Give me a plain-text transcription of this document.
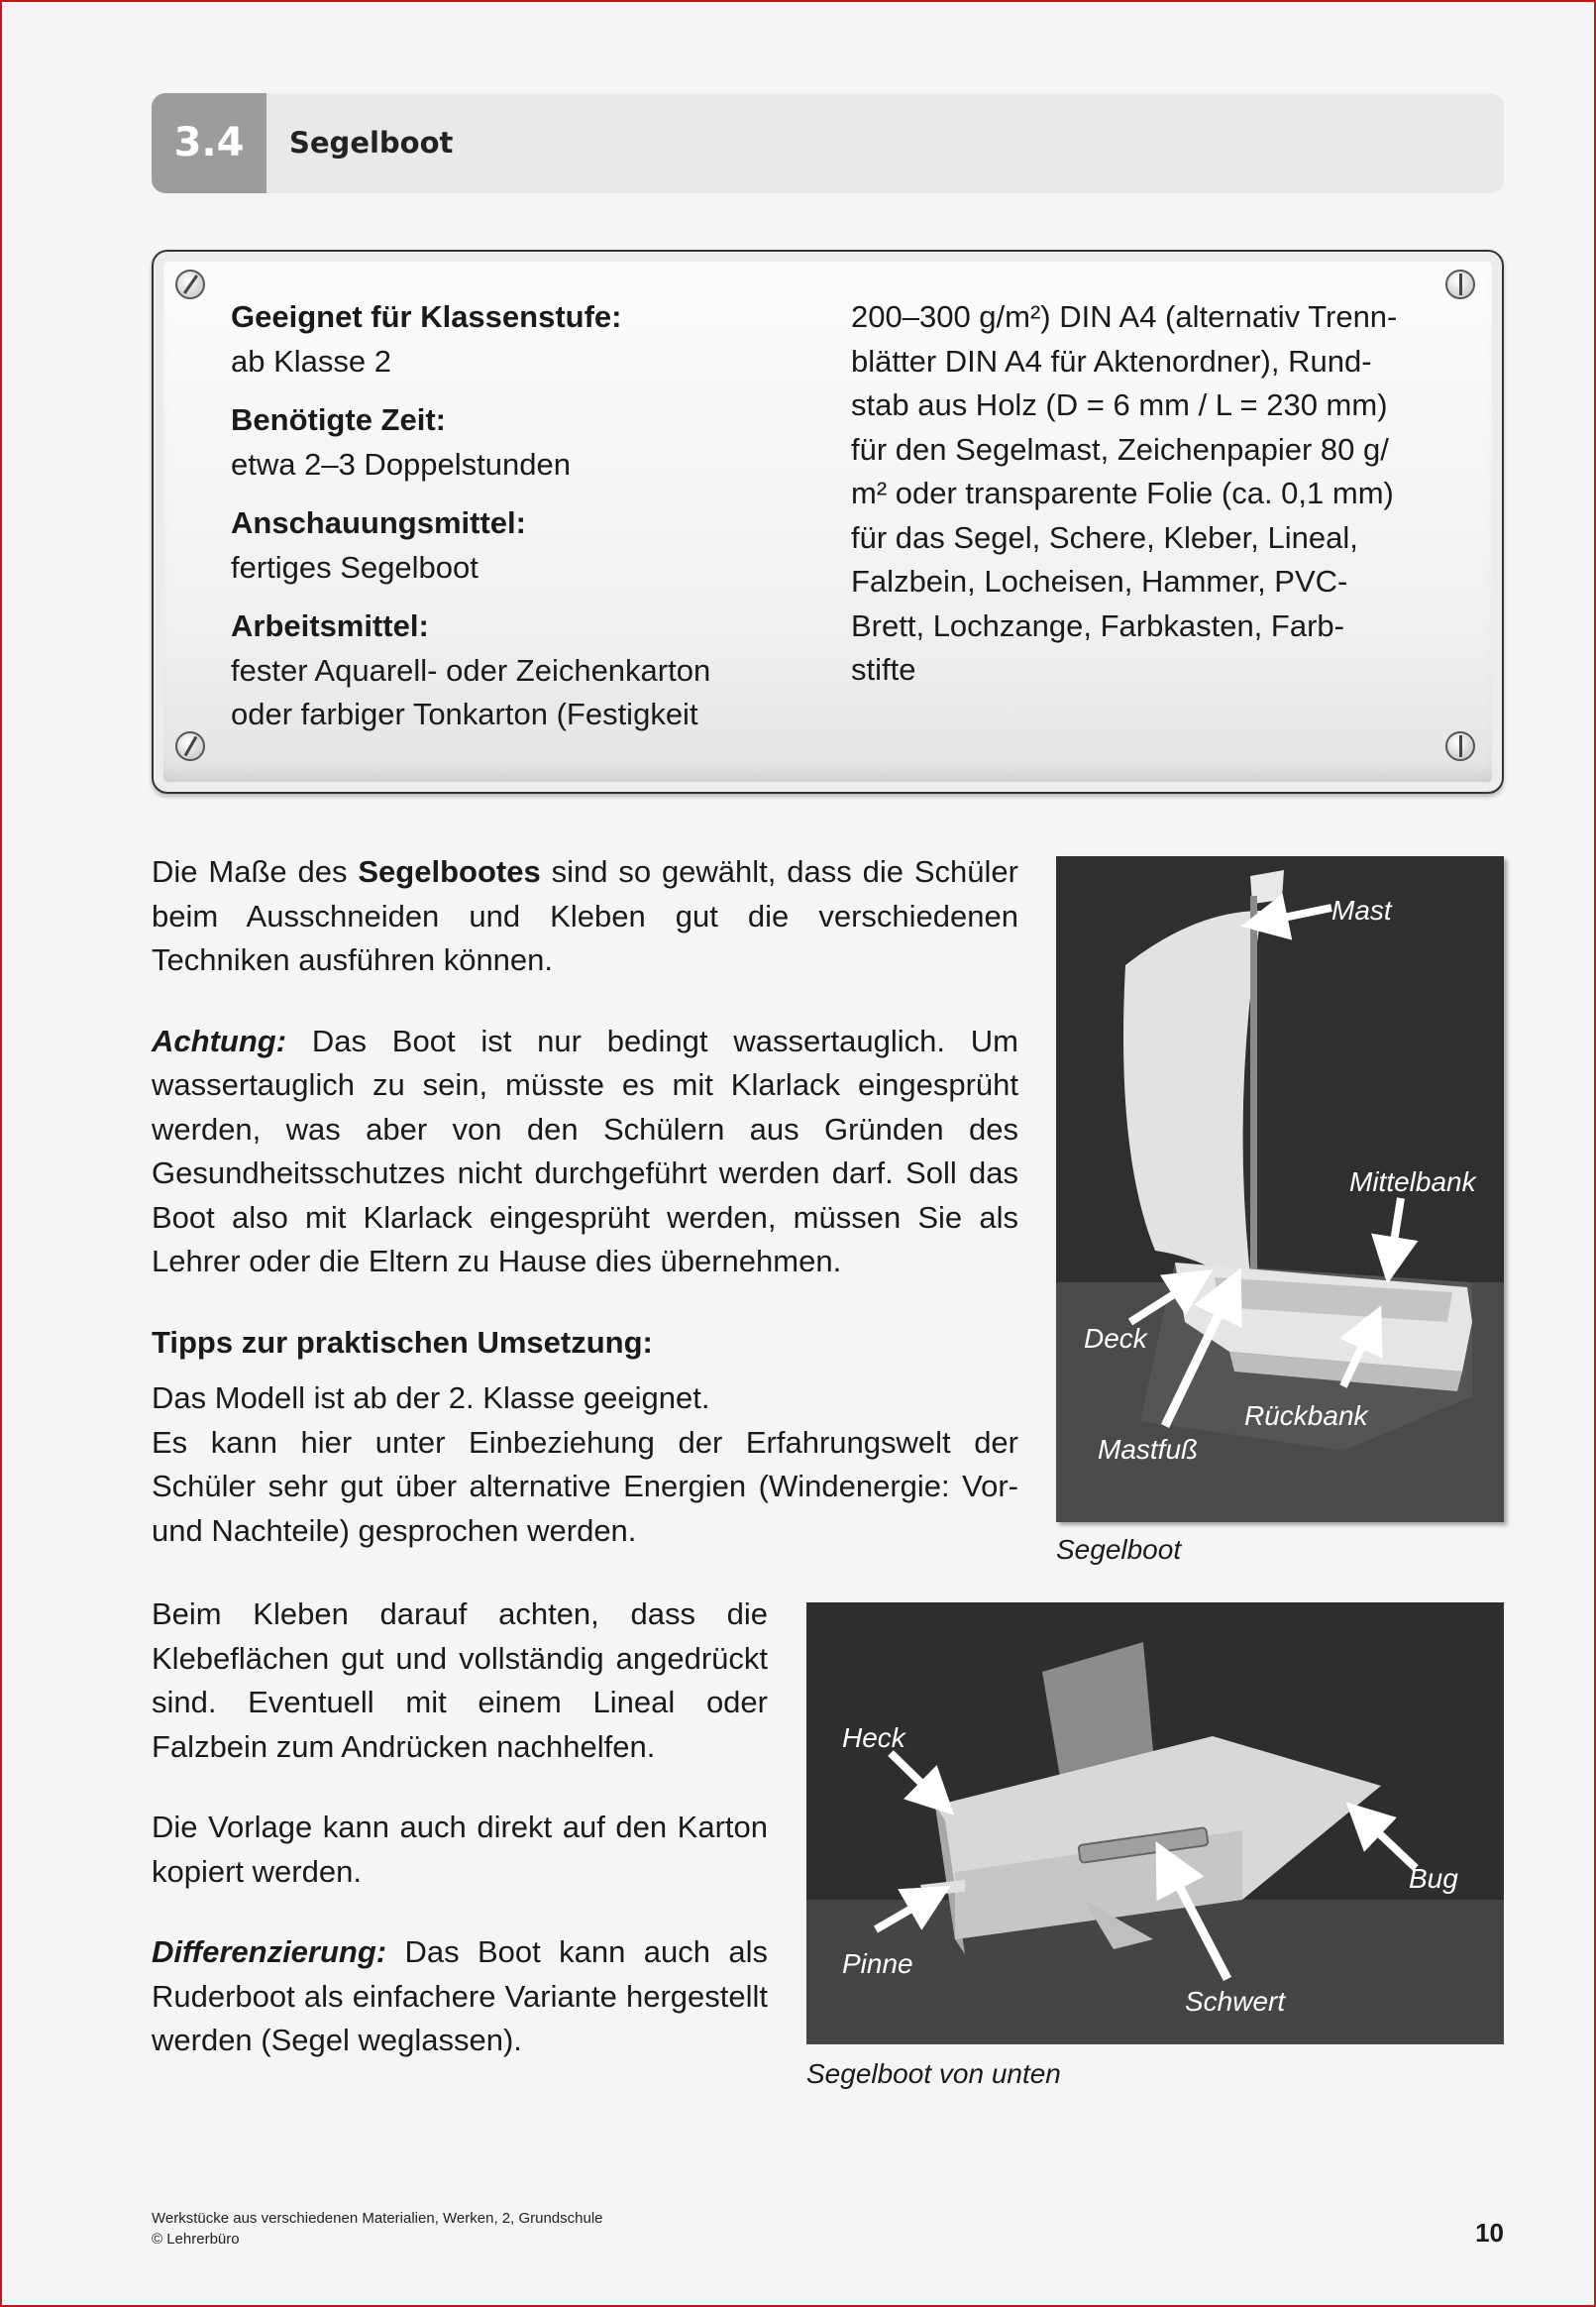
3.4	Segelboot
Geeignet für Klassenstufe:
ab Klasse 2
Benötigte Zeit:
etwa 2–3 Doppelstunden
Anschauungsmittel:
fertiges Segelboot
Arbeitsmittel:
fester Aquarell- oder Zeichenkarton
oder farbiger Tonkarton (Festigkeit
200–300 g/m²) DIN A4 (alternativ Trenn-
blätter DIN A4 für Aktenordner), Rund-
stab aus Holz (D = 6 mm / L = 230 mm)
für den Segelmast, Zeichenpapier 80 g/
m² oder transparente Folie (ca. 0,1 mm)
für das Segel, Schere, Kleber, Lineal,
Falzbein, Locheisen, Hammer, PVC-
Brett, Lochzange, Farbkasten, Farb-
stifte

Die Maße des Segelbootes sind so gewählt, dass die Schüler beim Ausschneiden und Kleben gut die verschiedenen Techniken ausführen können.

Achtung: Das Boot ist nur bedingt wassertauglich. Um wassertauglich zu sein, müsste es mit Klarlack eingesprüht werden, was aber von den Schülern aus Gründen des Gesundheitsschutzes nicht durchgeführt werden darf. Soll das Boot also mit Klarlack eingesprüht werden, müssen Sie als Lehrer oder die Eltern zu Hause dies übernehmen.

Tipps zur praktischen Umsetzung:

Das Modell ist ab der 2. Klasse geeignet.

Es kann hier unter Einbeziehung der Erfahrungswelt der Schüler sehr gut über alternative Energien (Windenergie: Vor- und Nachteile) gesprochen werden.

Beim Kleben darauf achten, dass die Klebeflächen gut und vollständig angedrückt sind. Eventuell mit einem Lineal oder Falzbein zum Andrücken nachhelfen.

Die Vorlage kann auch direkt auf den Karton kopiert werden.

Differenzierung: Das Boot kann auch als Ruderboot als einfachere Variante hergestellt werden (Segel weglassen).

Mast
Mittelbank
Deck
Rückbank
Mastfuß
Segelboot
Heck
Bug
Pinne
Schwert
Segelboot von unten
Werkstücke aus verschiedenen Materialien, Werken, 2, Grundschule
© Lehrerbüro	10
